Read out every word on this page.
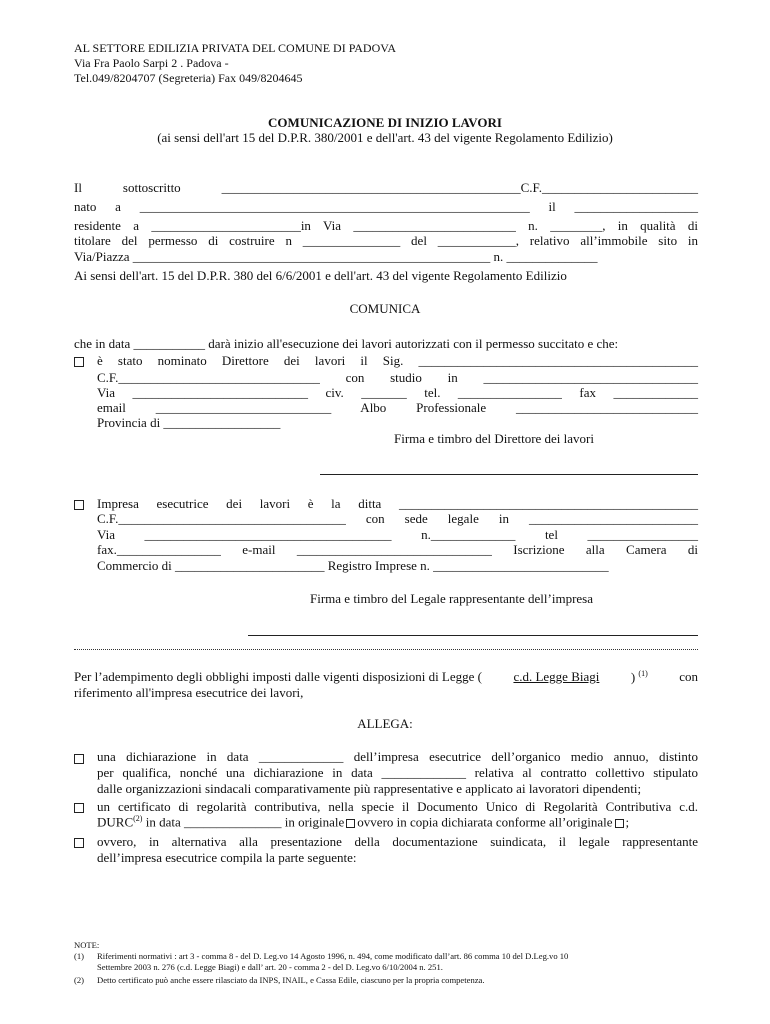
AL SETTORE EDILIZIA PRIVATA DEL COMUNE DI PADOVA
Via Fra Paolo Sarpi 2 . Padova -
Tel.049/8204707 (Segreteria) Fax 049/8204645
COMUNICAZIONE DI INIZIO LAVORI
(ai sensi dell'art 15 del D.P.R. 380/2001 e dell'art. 43 del vigente Regolamento Edilizio)
Il sottoscritto ______________________________________________C.F.________________________
nato a ____________________________________________________________ il ___________________
residente a _______________________in Via _________________________ n. ________, in qualità di
titolare del permesso di costruire n _______________ del ____________, relativo all’immobile sito in
Via/Piazza _______________________________________________________ n. ______________
Ai sensi dell'art. 15 del D.P.R. 380 del 6/6/2001 e dell'art. 43 del vigente Regolamento Edilizio
COMUNICA
che in data ___________ darà inizio all'esecuzione dei lavori autorizzati con il permesso succitato e che:
è stato nominato Direttore dei lavori il Sig. ___________________________________________
C.F._______________________________ con studio in _________________________________
Via ___________________________ civ. _______ tel. ________________ fax _____________
email ___________________________ Albo Professionale ____________________________
Provincia di __________________
Firma e timbro del Direttore dei lavori
Impresa esecutrice dei lavori è la ditta ______________________________________________
C.F.___________________________________ con sede legale in __________________________
Via ______________________________________ n._____________ tel _________________
fax.________________ e-mail ______________________________ Iscrizione alla Camera di
Commercio di _______________________ Registro Imprese n. ___________________________
Firma e timbro del Legale rappresentante dell’impresa
Per l’adempimento degli obblighi imposti dalle vigenti disposizioni di Legge ( c.d. Legge Biagi ) $^{(1)}$ con
riferimento all'impresa esecutrice dei lavori,
ALLEGA:
una dichiarazione in data _____________ dell’impresa esecutrice dell’organico medio annuo, distinto
per qualifica, nonché una dichiarazione in data _____________ relativa al contratto collettivo stipulato
dalle organizzazioni sindacali comparativamente più rappresentative e applicato ai lavoratori dipendenti;
un certificato di regolarità contributiva, nella specie il Documento Unico di Regolarità Contributiva c.d.
DURC$^{(2)}$ in data _______________ in originale ovvero in copia dichiarata conforme all’originale ;
ovvero, in alternativa alla presentazione della documentazione suindicata, il legale rappresentante
dell’impresa esecutrice compila la parte seguente:
NOTE:
(1) Riferimenti normativi : art 3 - comma 8 - del D. Leg.vo 14 Agosto 1996, n. 494, come modificato dall’art. 86 comma 10 del D.Leg.vo 10
Settembre 2003 n. 276 (c.d. Legge Biagi) e dall’ art. 20 - comma 2 - del D. Leg.vo 6/10/2004 n. 251.
(2) Detto certificato può anche essere rilasciato da INPS, INAIL, e Cassa Edile, ciascuno per la propria competenza.
